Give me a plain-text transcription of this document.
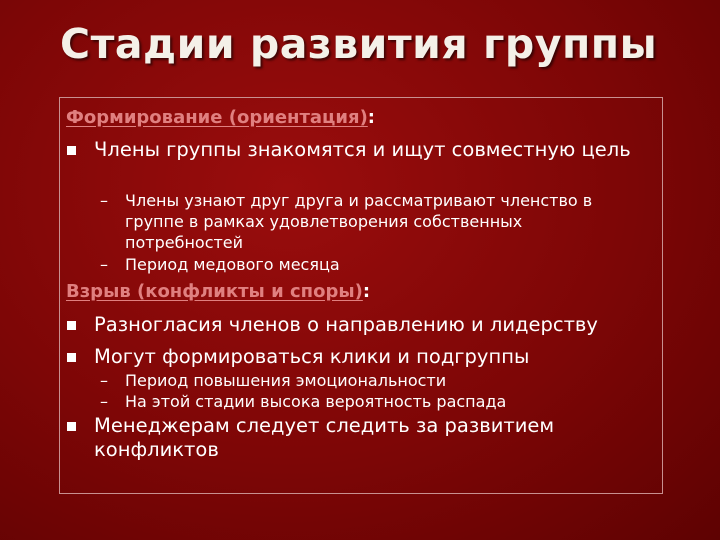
Стадии развития группы
Формирование (ориентация):
Члены группы знакомятся и ищут совместную цель
– Члены узнают друг друга и рассматривают членство в группе в рамках удовлетворения собственных потребностей
– Период медового месяца
Взрыв (конфликты и споры):
Разногласия членов о направлению и лидерству
Могут формироваться клики и подгруппы
– Период повышения эмоциональности
– На этой стадии высока вероятность распада
Менеджерам следует следить за развитием конфликтов
